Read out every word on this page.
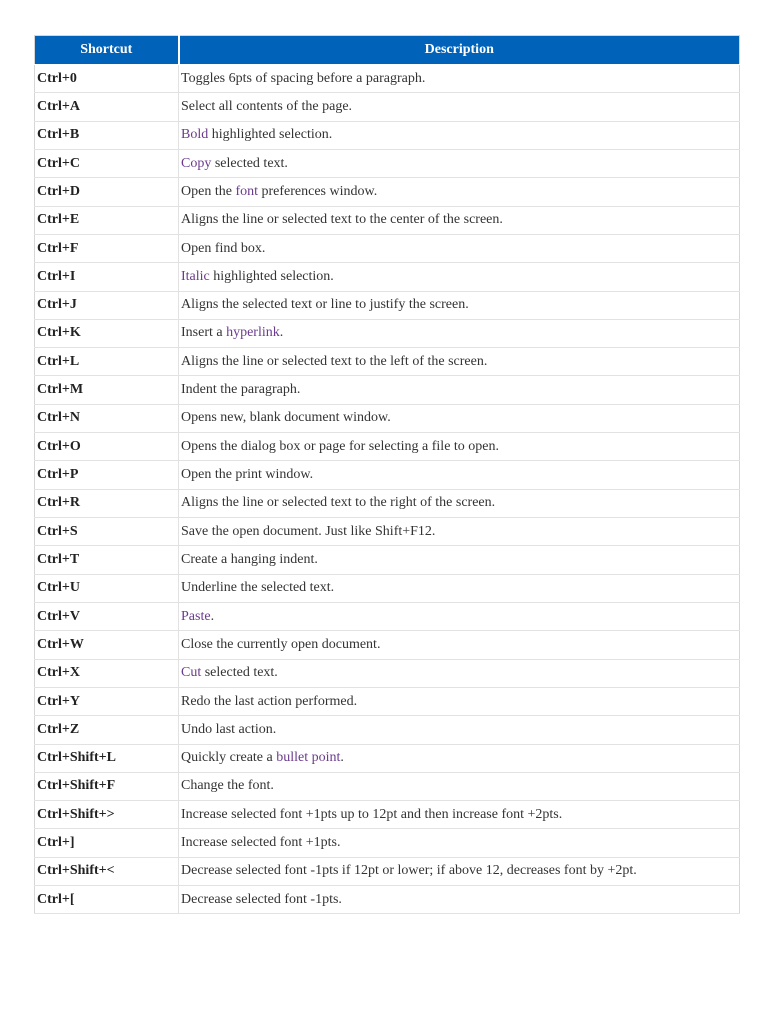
Shortcut	Description
Ctrl+0	Toggles 6pts of spacing before a paragraph.
Ctrl+A	Select all contents of the page.
Ctrl+B	Bold highlighted selection.
Ctrl+C	Copy selected text.
Ctrl+D	Open the font preferences window.
Ctrl+E	Aligns the line or selected text to the center of the screen.
Ctrl+F	Open find box.
Ctrl+I	Italic highlighted selection.
Ctrl+J	Aligns the selected text or line to justify the screen.
Ctrl+K	Insert a hyperlink.
Ctrl+L	Aligns the line or selected text to the left of the screen.
Ctrl+M	Indent the paragraph.
Ctrl+N	Opens new, blank document window.
Ctrl+O	Opens the dialog box or page for selecting a file to open.
Ctrl+P	Open the print window.
Ctrl+R	Aligns the line or selected text to the right of the screen.
Ctrl+S	Save the open document. Just like Shift+F12.
Ctrl+T	Create a hanging indent.
Ctrl+U	Underline the selected text.
Ctrl+V	Paste.
Ctrl+W	Close the currently open document.
Ctrl+X	Cut selected text.
Ctrl+Y	Redo the last action performed.
Ctrl+Z	Undo last action.
Ctrl+Shift+L	Quickly create a bullet point.
Ctrl+Shift+F	Change the font.
Ctrl+Shift+>	Increase selected font +1pts up to 12pt and then increase font +2pts.
Ctrl+]	Increase selected font +1pts.
Ctrl+Shift+<	Decrease selected font -1pts if 12pt or lower; if above 12, decreases font by +2pt.
Ctrl+[	Decrease selected font -1pts.
